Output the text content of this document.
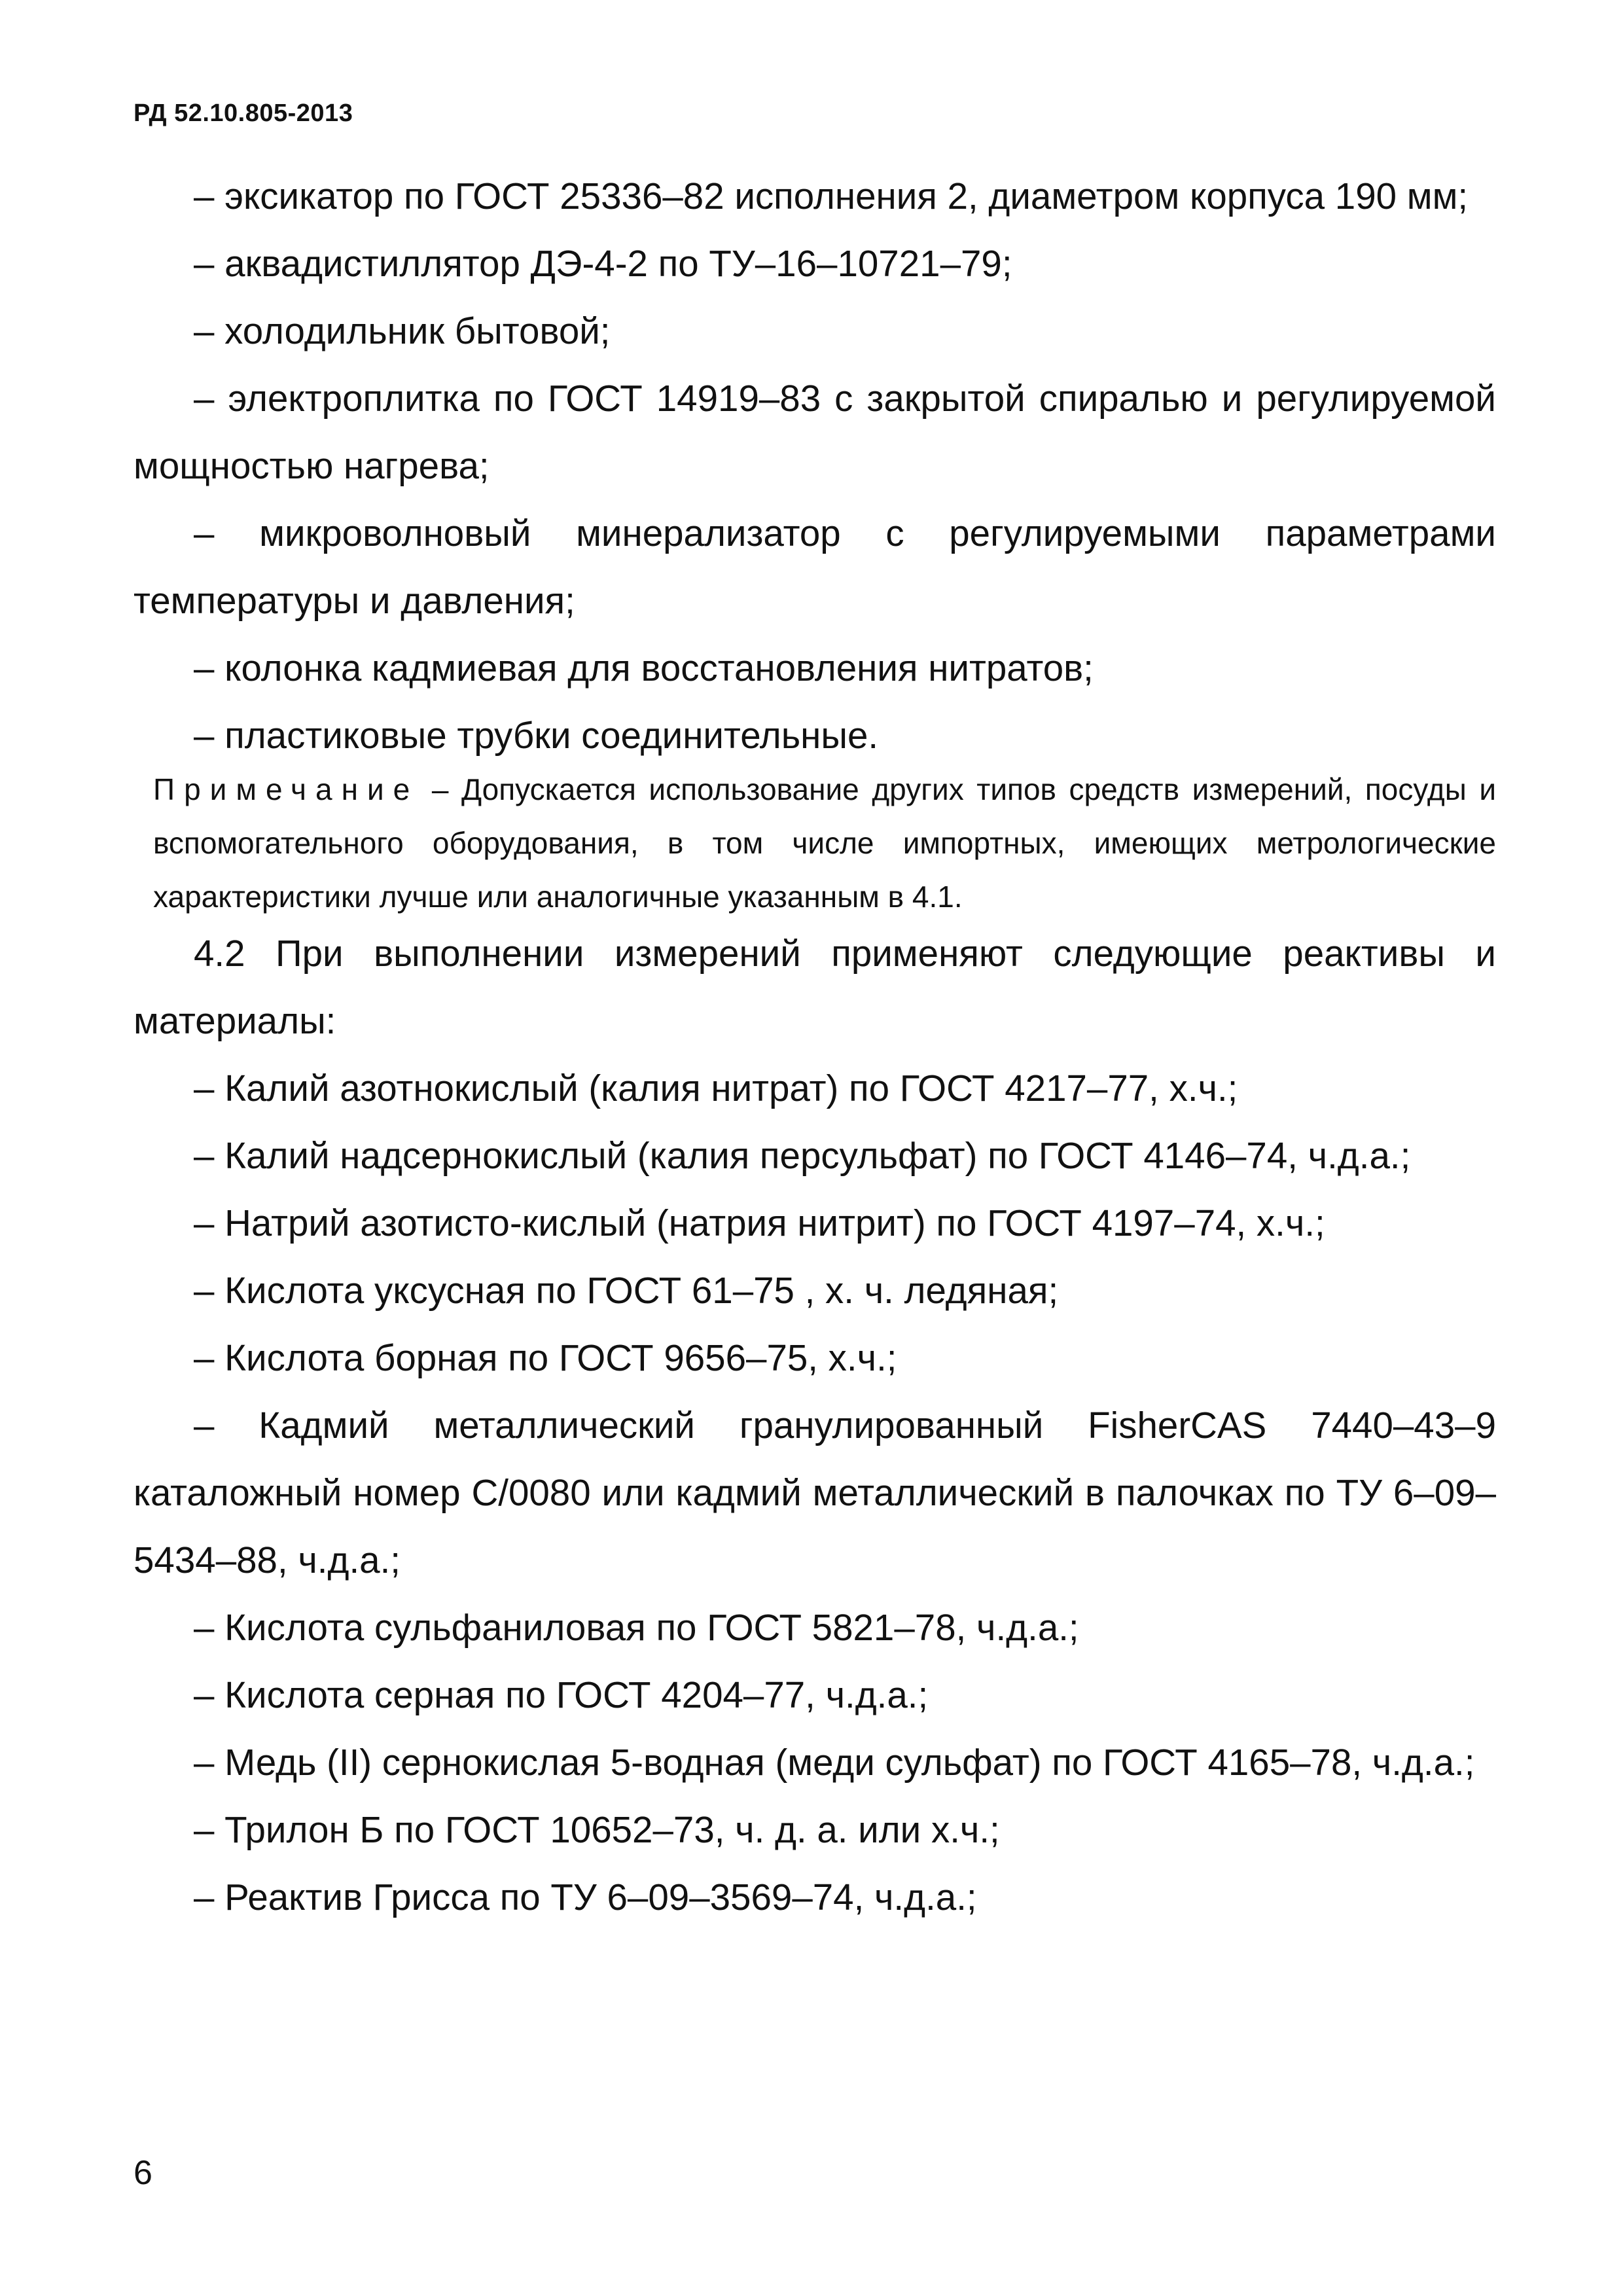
РД 52.10.805-2013

– эксикатор по ГОСТ 25336–82 исполнения 2, диаметром корпуса 190 мм;

– аквадистиллятор ДЭ-4-2 по ТУ–16–10721–79;

– холодильник бытовой;

– электроплитка по ГОСТ 14919–83 с закрытой спиралью и регулируемой мощностью нагрева;

– микроволновый минерализатор с регулируемыми параметрами температуры и давления;

– колонка кадмиевая для восстановления нитратов;

– пластиковые трубки соединительные.

Примечание – Допускается использование других типов средств измерений, посуды и вспомогательного оборудования, в том числе импортных, имеющих метрологические характеристики лучше или аналогичные указанным в 4.1.

4.2 При выполнении измерений применяют следующие реактивы и материалы:

– Калий азотнокислый (калия нитрат) по ГОСТ 4217–77, х.ч.;

– Калий надсернокислый (калия персульфат) по ГОСТ 4146–74, ч.д.а.;

– Натрий азотисто-кислый (натрия нитрит) по ГОСТ 4197–74, х.ч.;

– Кислота уксусная по ГОСТ 61–75 , х. ч. ледяная;

– Кислота борная по ГОСТ 9656–75, х.ч.;

– Кадмий металлический гранулированный FisherCAS 7440–43–9 каталожный номер C/0080 или кадмий металлический в палочках по ТУ 6–09–5434–88, ч.д.а.;

– Кислота сульфаниловая по ГОСТ 5821–78, ч.д.а.;

– Кислота серная по ГОСТ 4204–77, ч.д.а.;

– Медь (II) сернокислая 5-водная (меди сульфат) по ГОСТ 4165–78, ч.д.а.;

– Трилон Б по ГОСТ 10652–73, ч. д. а. или х.ч.;

– Реактив Грисса по ТУ 6–09–3569–74, ч.д.а.;

6
